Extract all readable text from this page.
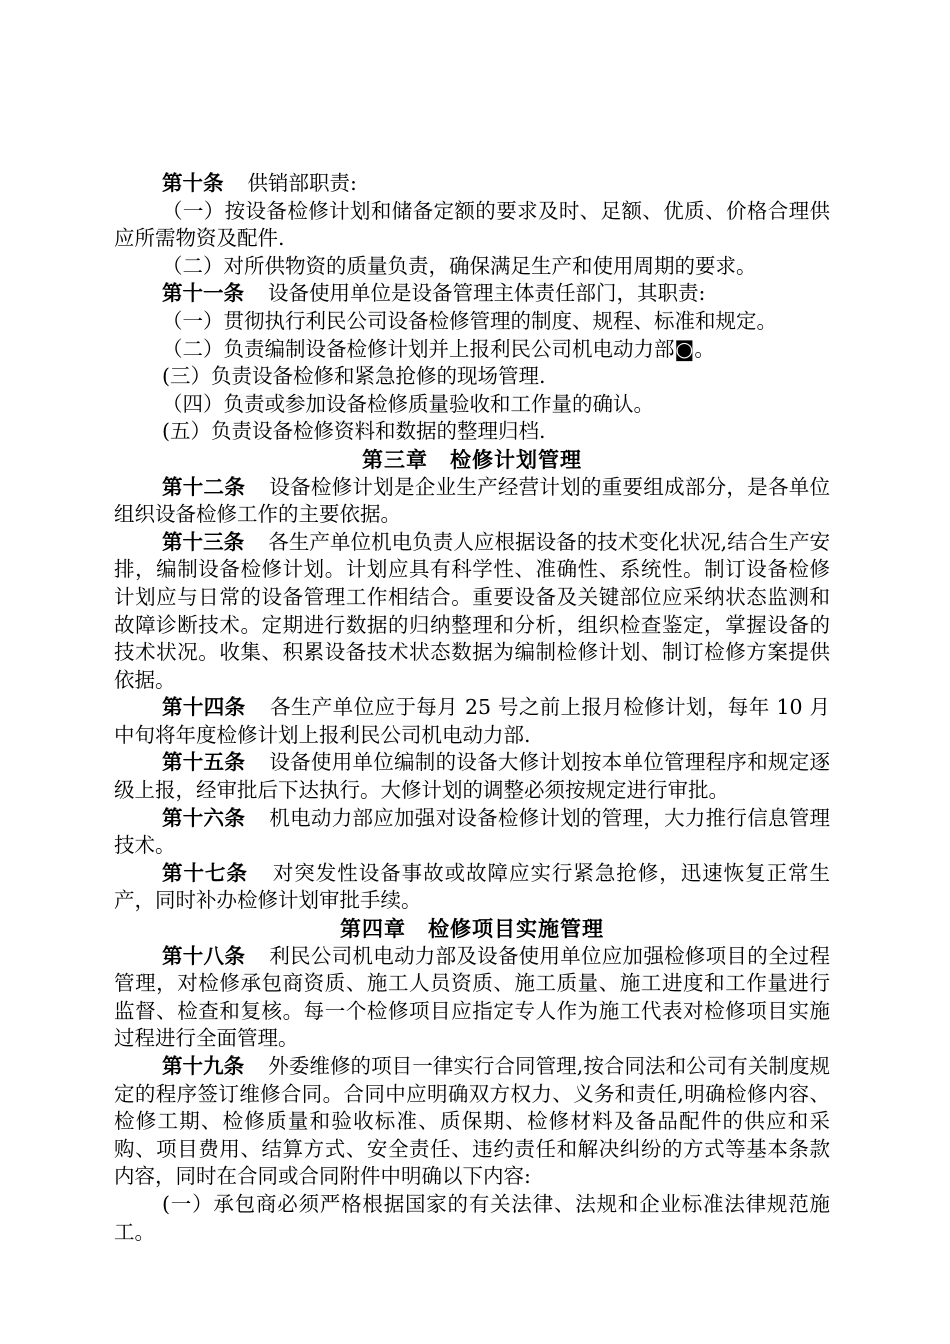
第十条 供销部职责:

（一）按设备检修计划和储备定额的要求及时、足额、优质、价格合理供应所需物资及配件.

（二）对所供物资的质量负责，确保满足生产和使用周期的要求。

第十一条 设备使用单位是设备管理主体责任部门，其职责:

（一）贯彻执行利民公司设备检修管理的制度、规程、标准和规定。

（二）负责编制设备检修计划并上报利民公司机电动力部◙。

(三）负责设备检修和紧急抢修的现场管理.

（四）负责或参加设备检修质量验收和工作量的确认。

(五）负责设备检修资料和数据的整理归档.

第三章 检修计划管理

第十二条 设备检修计划是企业生产经营计划的重要组成部分，是各单位组织设备检修工作的主要依据。

第十三条 各生产单位机电负责人应根据设备的技术变化状况,结合生产安排，编制设备检修计划。计划应具有科学性、准确性、系统性。制订设备检修计划应与日常的设备管理工作相结合。重要设备及关键部位应采纳状态监测和故障诊断技术。定期进行数据的归纳整理和分析，组织检查鉴定，掌握设备的技术状况。收集、积累设备技术状态数据为编制检修计划、制订检修方案提供依据。

第十四条 各生产单位应于每月 25 号之前上报月检修计划，每年 10 月中旬将年度检修计划上报利民公司机电动力部.

第十五条 设备使用单位编制的设备大修计划按本单位管理程序和规定逐级上报，经审批后下达执行。大修计划的调整必须按规定进行审批。

第十六条 机电动力部应加强对设备检修计划的管理，大力推行信息管理技术。

第十七条 对突发性设备事故或故障应实行紧急抢修，迅速恢复正常生产，同时补办检修计划审批手续。

第四章 检修项目实施管理

第十八条 利民公司机电动力部及设备使用单位应加强检修项目的全过程管理，对检修承包商资质、施工人员资质、施工质量、施工进度和工作量进行监督、检查和复核。每一个检修项目应指定专人作为施工代表对检修项目实施过程进行全面管理。

第十九条 外委维修的项目一律实行合同管理,按合同法和公司有关制度规定的程序签订维修合同。合同中应明确双方权力、义务和责任,明确检修内容、检修工期、检修质量和验收标准、质保期、检修材料及备品配件的供应和采购、项目费用、结算方式、安全责任、违约责任和解决纠纷的方式等基本条款内容，同时在合同或合同附件中明确以下内容:

(一）承包商必须严格根据国家的有关法律、法规和企业标准法律规范施工。
